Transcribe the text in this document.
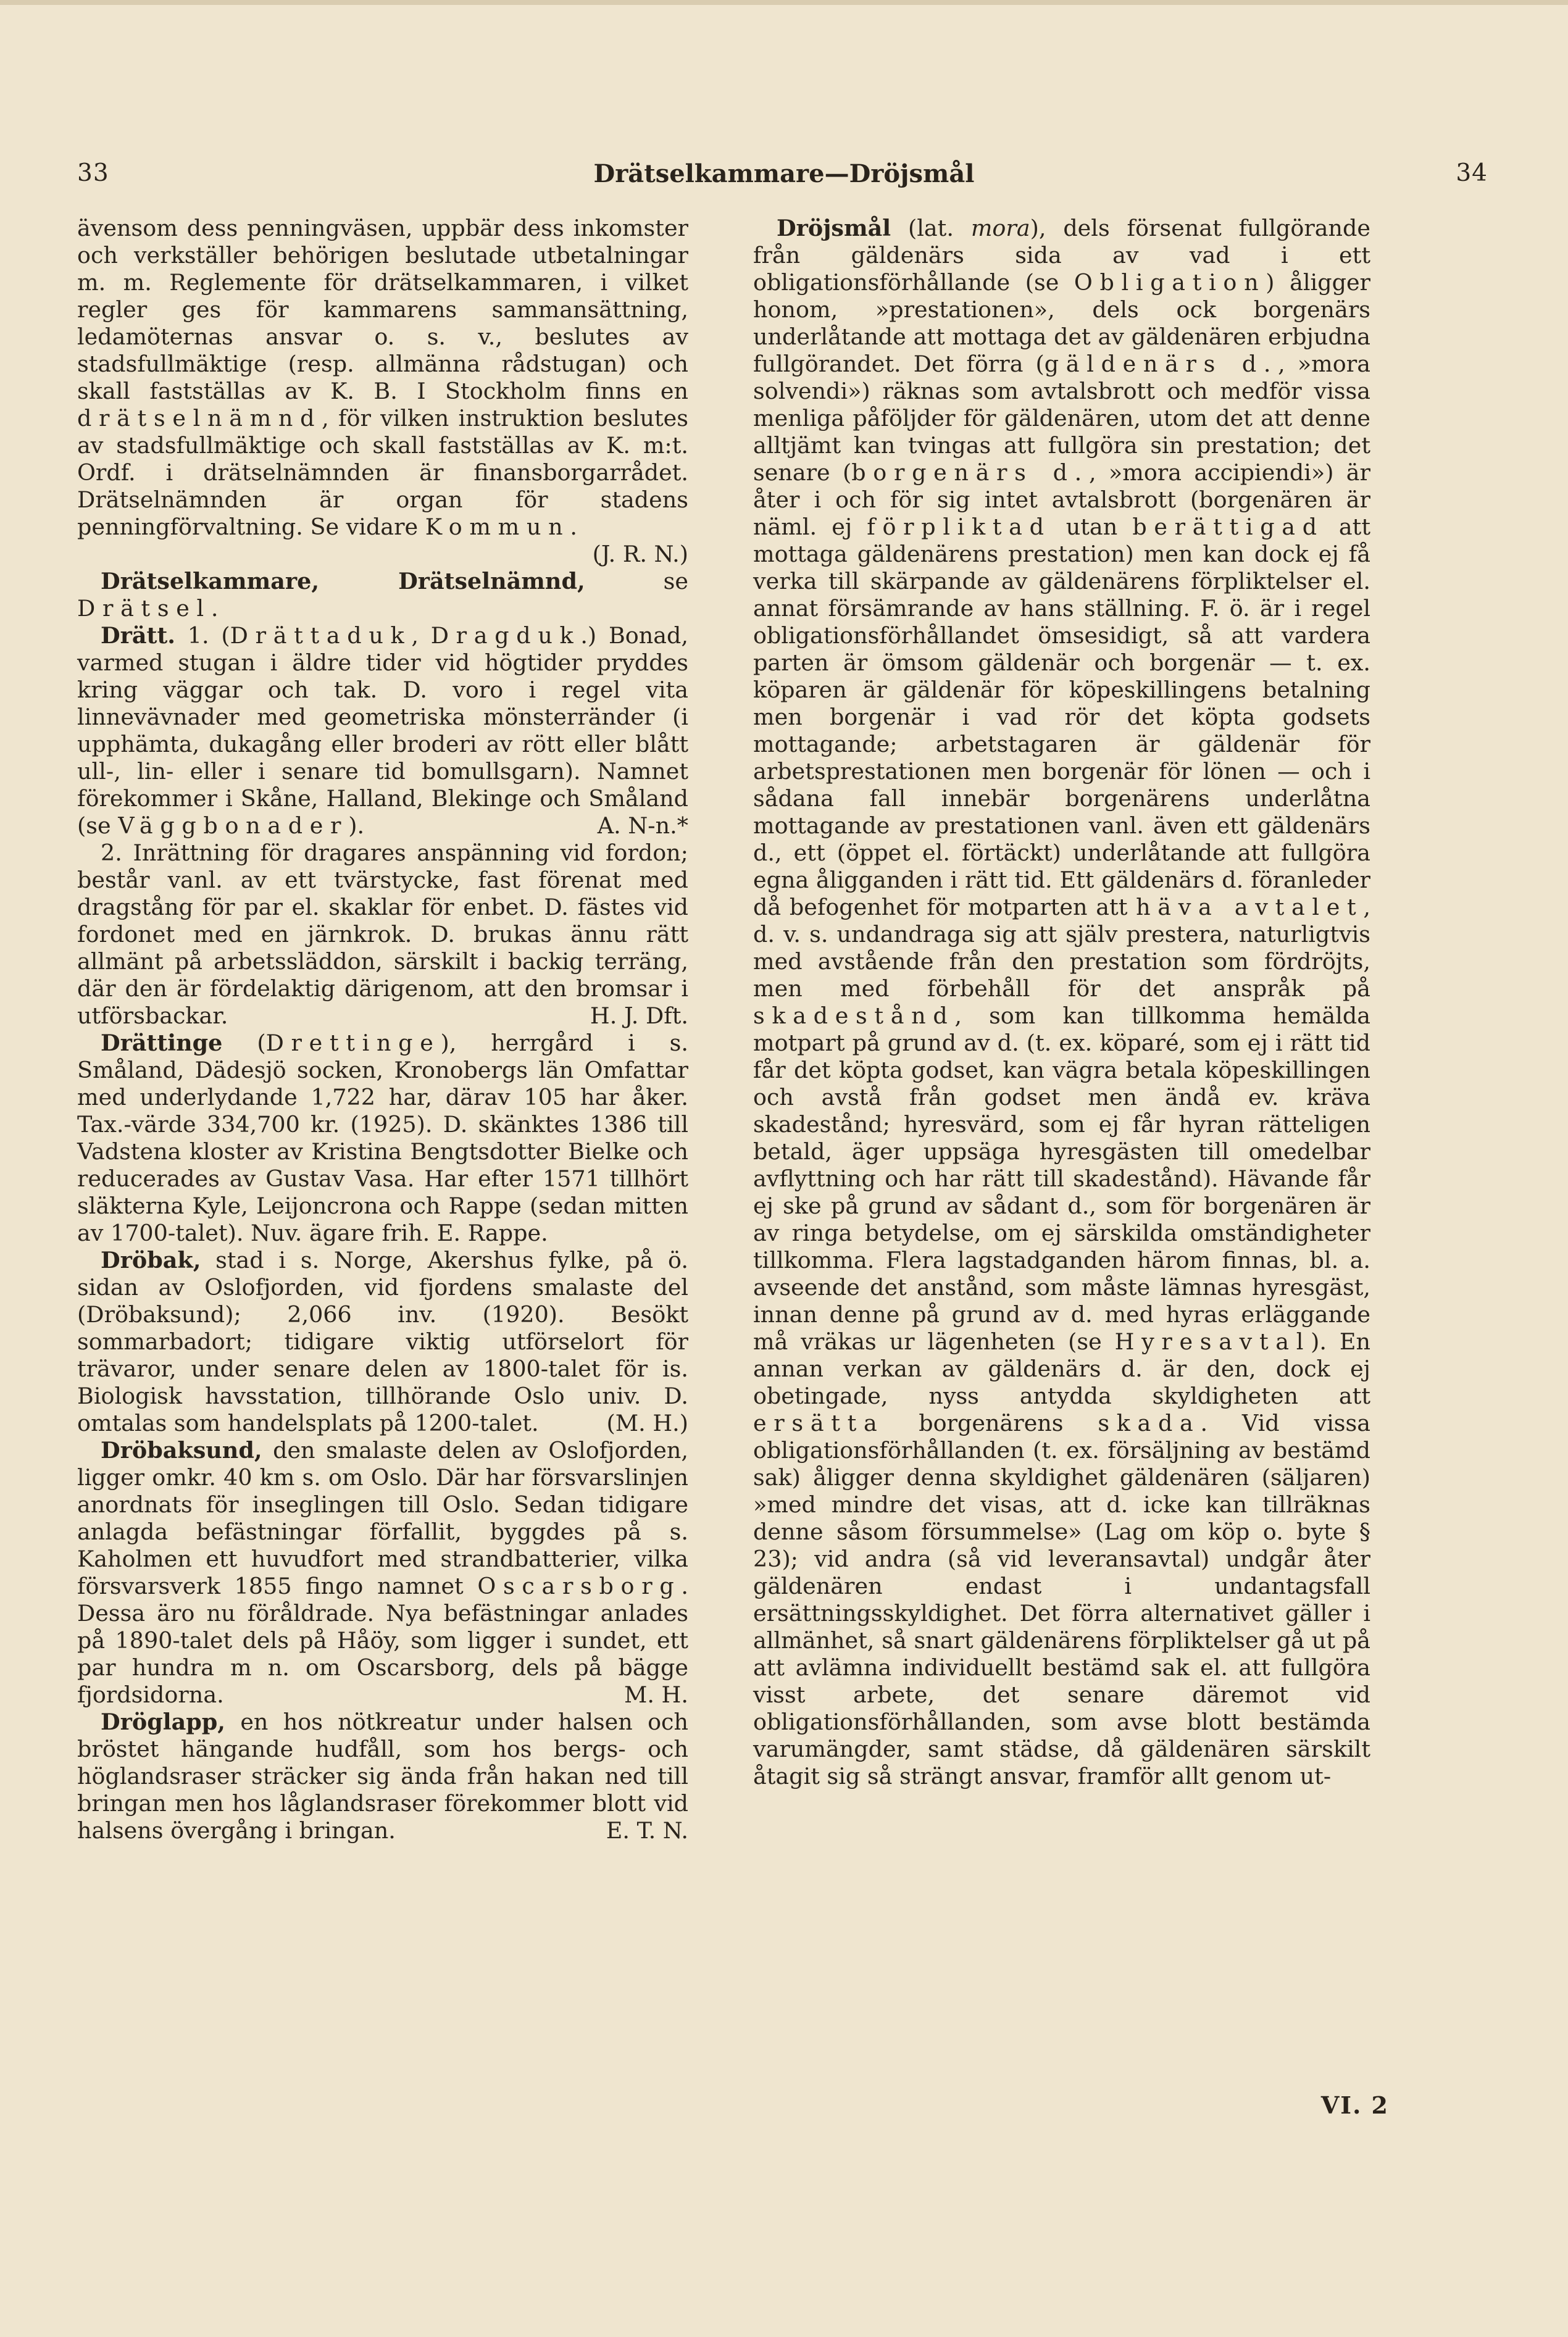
33	Drätselkammare—Dröjsmål	34

ävensom dess penningväsen, uppbär dess inkomster och verkställer behörigen beslutade utbetalningar m. m. Reglemente för drätselkammaren, i vilket regler ges för kammarens sammansättning, ledamöternas ansvar o. s. v., beslutes av stadsfullmäktige (resp. allmänna rådstugan) och skall fastställas av K. B. I Stockholm finns en drätselnämnd, för vilken instruktion beslutes av stadsfullmäktige och skall fastställas av K. m:t. Ordf. i drätselnämnden är finansborgarrådet. Drätselnämnden är organ för stadens penningförvaltning. Se vidare Kommun.
(J. R. N.)

Drätselkammare, Drätselnämnd, se Drätsel.

Drätt. 1. (Drättaduk, Dragduk.) Bonad, varmed stugan i äldre tider vid högtider pryddes kring väggar och tak. D. voro i regel vita linnevävnader med geometriska mönsterränder (i upphämta, dukagång eller broderi av rött eller blått ull-, lin- eller i senare tid bomullsgarn). Namnet förekommer i Skåne, Halland, Blekinge och Småland (se Väggbonader).	A. N-n.*

2. Inrättning för dragares anspänning vid fordon; består vanl. av ett tvärstycke, fast förenat med dragstång för par el. skaklar för enbet. D. fästes vid fordonet med en järnkrok. D. brukas ännu rätt allmänt på arbetssläddon, särskilt i backig terräng, där den är fördelaktig därigenom, att den bromsar i utförsbackar.	H. J. Dft.

Drättinge (Drettinge), herrgård i s. Småland, Dädesjö socken, Kronobergs län Omfattar med underlydande 1,722 har, därav 105 har åker. Tax.-värde 334,700 kr. (1925). D. skänktes 1386 till Vadstena kloster av Kristina Bengtsdotter Bielke och reducerades av Gustav Vasa. Har efter 1571 tillhört släkterna Kyle, Leijoncrona och Rappe (sedan mitten av 1700-talet). Nuv. ägare frih. E. Rappe.

Dröbak, stad i s. Norge, Akershus fylke, på ö. sidan av Oslofjorden, vid fjordens smalaste del (Dröbaksund); 2,066 inv. (1920). Besökt sommarbadort; tidigare viktig utförselort för trävaror, under senare delen av 1800-talet för is. Biologisk havsstation, tillhörande Oslo univ. D. omtalas som handelsplats på 1200-talet.	(M. H.)

Dröbaksund, den smalaste delen av Oslofjorden, ligger omkr. 40 km s. om Oslo. Där har försvarslinjen anordnats för inseglingen till Oslo. Sedan tidigare anlagda befästningar förfallit, byggdes på s. Kaholmen ett huvudfort med strandbatterier, vilka försvarsverk 1855 fingo namnet Oscarsborg. Dessa äro nu föråldrade. Nya befästningar anlades på 1890-talet dels på Håöy, som ligger i sundet, ett par hundra m n. om Oscarsborg, dels på bägge fjordsidorna.	M. H.

Dröglapp, en hos nötkreatur under halsen och bröstet hängande hudfåll, som hos bergs- och höglandsraser sträcker sig ända från hakan ned till bringan men hos låglandsraser förekommer blott vid halsens övergång i bringan.	E. T. N.

Dröjsmål (lat. mora), dels försenat fullgörande från gäldenärs sida av vad i ett obligationsförhållande (se Obligation) åligger honom, »prestationen», dels ock borgenärs underlåtande att mottaga det av gäldenären erbjudna fullgörandet. Det förra (gäldenärs d., »mora solvendi») räknas som avtalsbrott och medför vissa menliga påföljder för gäldenären, utom det att denne alltjämt kan tvingas att fullgöra sin prestation; det senare (borgenärs d., »mora accipiendi») är åter i och för sig intet avtalsbrott (borgenären är näml. ej förpliktad utan berättigad att mottaga gäldenärens prestation) men kan dock ej få verka till skärpande av gäldenärens förpliktelser el. annat försämrande av hans ställning. F. ö. är i regel obligationsförhållandet ömsesidigt, så att vardera parten är ömsom gäldenär och borgenär — t. ex. köparen är gäldenär för köpeskillingens betalning men borgenär i vad rör det köpta godsets mottagande; arbetstagaren är gäldenär för arbetsprestationen men borgenär för lönen — och i sådana fall innebär borgenärens underlåtna mottagande av prestationen vanl. även ett gäldenärs d., ett (öppet el. förtäckt) underlåtande att fullgöra egna åligganden i rätt tid. Ett gäldenärs d. föranleder då befogenhet för motparten att häva avtalet, d. v. s. undandraga sig att själv prestera, naturligtvis med avstående från den prestation som fördröjts, men med förbehåll för det anspråk på skadestånd, som kan tillkomma hemälda motpart på grund av d. (t. ex. köparé, som ej i rätt tid får det köpta godset, kan vägra betala köpeskillingen och avstå från godset men ändå ev. kräva skadestånd; hyresvärd, som ej får hyran rätteligen betald, äger uppsäga hyresgästen till omedelbar avflyttning och har rätt till skadestånd). Hävande får ej ske på grund av sådant d., som för borgenären är av ringa betydelse, om ej särskilda omständigheter tillkomma. Flera lagstadganden härom finnas, bl. a. avseende det anstånd, som måste lämnas hyresgäst, innan denne på grund av d. med hyras erläggande må vräkas ur lägenheten (se Hyresavtal). En annan verkan av gäldenärs d. är den, dock ej obetingade, nyss antydda skyldigheten att ersätta borgenärens skada. Vid vissa obligationsförhållanden (t. ex. försäljning av bestämd sak) åligger denna skyldighet gäldenären (säljaren) »med mindre det visas, att d. icke kan tillräknas denne såsom försummelse» (Lag om köp o. byte § 23); vid andra (så vid leveransavtal) undgår åter gäldenären endast i undantagsfall ersättningsskyldighet. Det förra alternativet gäller i allmänhet, så snart gäldenärens förpliktelser gå ut på att avlämna individuellt bestämd sak el. att fullgöra visst arbete, det senare däremot vid obligationsförhållanden, som avse blott bestämda varumängder, samt städse, då gäldenären särskilt åtagit sig så strängt ansvar, framför allt genom ut-

VI. 2
